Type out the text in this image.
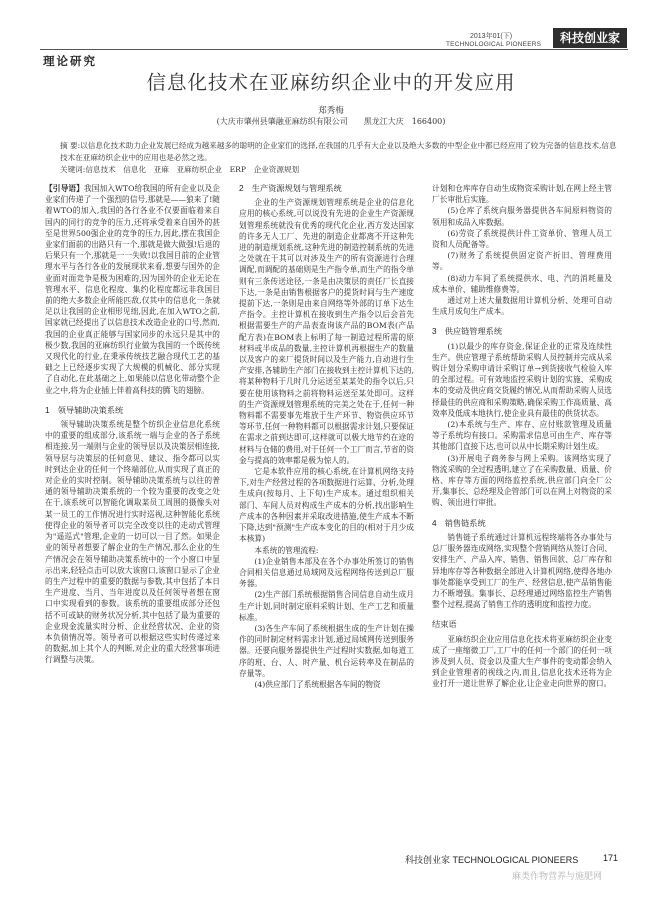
2013年01(下)
TECHNOLOGICAL PIONEERS	科技创业家
理论研究
信息化技术在亚麻纺织企业中的开发应用
郑秀梅
(大庆市肇州县肇融亚麻纺织有限公司　　黑龙江大庆　166400)
摘 要:以信息化技术助力企业发展已经成为越来越多的聪明的企业家们的选择,在我国的几乎有大企业以及绝大多数的中型企业中都已经应用了较为完备的信息技术,信息技术在亚麻纺织企业中的应用也是必然之选。
关键词:信息技术　信息化　亚麻　亚麻纺织企业　ERP　企业资源规划

【引导语】我国加入WTO给我国的所有企业以及企业家们传递了一个强烈的信号,那就是——狼来了!随着WTO的加入,我国的各行各业不仅要面临着来自国内的同行的竞争的压力,还将承受着来自国外的甚至是世界500强企业的竞争的压力,因此,摆在我国企业家们面前的出路只有一个,那就是做大做强!后退的后果只有一个,那就是一一失败!以我国目前的企业管理水平与各行各业的发展现状来看,想要与国外的企业面对面竞争是极为困难的,因为国外的企业无论在管理水平、信息化程度、集约化程度都远非我国目前的绝大多数企业所能匹敌,仅其中的信息化一条就足以让我国的企业相形见绌,因此,在加入WTO之前,国家就已经提出了以信息技术改造企业的口号,然而,我国的企业真正能够与国家同步的永远只是其中的极少数,我国的亚麻纺织行业做为我国的一个既传统又现代化的行业,在秉承传统技艺融合现代工艺的基础之上已经逐步实现了大规模的机械化、部分实现了自动化,在此基础之上,如果能以信息化带动整个企业之中,将为企业插上伴着高科技的腾飞的翅膀。

1　领导辅助决策系统

领导辅助决策系统是整个纺织企业信息化系统中的重要的组成部分,该系统一端与企业的各子系统相连接,另一端则与企业的领导层以及决策层相连接,领导层与决策层的任何意见、建议、指令都可以实时到达企业的任何一个终端部位,从而实现了真正的对企业的实时控制。领导辅助决策系统与以往的普通的领导辅助决策系统的一个较为重要的改变之处在于,该系统可以智能化调取某员工周围的摄像头对某一员工的工作情况进行实时巡视,这种智能化系统使得企业的领导者可以完全改变以往的走动式管理为"遥巡式"管理,企业的一切可以一目了然。如果企业的领导者想要了解企业的生产情况,那么企业的生产情况会在领导辅助决策系统中的一个小窗口中显示出来,轻轻点击可以放大该窗口,该窗口显示了企业的生产过程中的重要的数据与参数,其中包括了本日生产进度、当月、当年进度以及任何领导者想在窗口中实现看到的参数。该系统的重要组成部分还包括不可或缺的财务状况分析,其中包括了最为重要的企业现金流量实时分析、企业经营状况、企业的资本负债情况等。领导者可以根据这些实时传递过来的数据,加上其个人的判断,对企业的重大经营事项进行调整与决策。

2　生产资源规划与管理系统

企业的生产资源规划管理系统是企业的信息化应用的核心系统,可以说没有先进的企业生产资源规划管理系统就没有优秀的现代化企业,西方发达国家的许多无人工厂、先进的制造企业都离不开这种先进的制造规划系统,这种先进的制造控制系统的先进之处就在于其可以对涉及生产的所有资源进行合理调配,而调配的基础则是生产指令单,而生产的指令单则有三条传送途径,一条是由决策层的责任厂长直接下达,一条是由销售根据客户的提货时间与生产速度提前下达,一条则是由来自网络等外部的订单下达生产指令。主控计算机在接收到生产指令以后会首先根据需要生产的产品表查询该产品的BOM表(产品配方表)在BOM表上标明了每一制造过程所需的原材料或半成品的数量,主控计算机再根据生产的数量以及客户的来厂提货时间以及生产能力,自动进行生产安排,各辅助生产部门在接收到主控计算机下达的,将某种物料于几时几分运送至某某处的指令以后,只要在使用该物料之前将物料运送至某处即可。这样的生产资源规划管理系统的完美之处在于,任何一种物料都不需要事先堆放于生产环节、物资供应环节等环节,任何一种物料都可以根据需求计划,只要保证在需求之前到达即可,这样就可以极大地节约在途的材料与仓储的费用,对于任何一个工厂而言,节省的资金与提高的效率都是极为惊人的。

它是本软件应用的核心系统,在计算机网络支持下,对生产经营过程的各项数据进行运算、分析,处理生成向(按每月、上下旬)生产成本。通过组织相关部门、车间人员对构成生产成本的分析,找出影响生产成本的各种因素并采取改进措施,使生产成本不断下降,达到"预测"生产成本变化的目的(相对于月少成本核算)

本系统的管理流程:

(1)企业销售本部及在各个办事处所签订的销售合同相关信息通过局域网及远程网络传送到总厂服务器。

(2)生产部门系统根据销售合同信息自动生成月生产计划,同时制定原料采购计划、生产工艺和质量标准。

(3)各生产车间了系统根据生成的生产计划在操作的同时制定材料需求计划,通过局域网传送到服务器。还要向服务器提供生产过程时实数据,如每道工序的班、台、人、时产量、机台运转率及在制品的存量等。

(4)供应部门了系统根据各车间的物资

计划和仓库库存自动生成物资采购计划,在网上经主管厂长审批后实施。

(5)仓库了系统向服务器提供各车间原料物资的领用和成品入库数据。

(6)劳资了系统提供计件工资单价、管理人员工资和人员配备等。

(7)财务了系统提供固定资产折旧、管理费用等。

(8)动力车间了系统提供水、电、汽的消耗量及成本单价、辅助维修费等。

通过对上述大量数据用计算机分析、处理可自动生成月成旬生产成本。

3　供应链管理系统

(1)以最少的库存资金,保证企业的正常及连续性生产。供应管理子系统帮助采购人员控制并完成从采购计划分采购申请计采购订单→到货接收气检验入库的全部过程。可有效地监控采购计划的实施、采购成本的变动及供应商交货履约情况,从而帮助采购人员选择最佳的供应商和采购策略,确保采购工作高质量、高效率及低成本地执行,使企业具有最佳的供货状态。

(2)本系统与生产、库存、应付账款管理及质量等子系统均有接口。采购需求信息可由生产、库存等其他部门直接下达,也可以从中长期采购计划生成。

(3)开展电子商务参与网上采购。该网络实现了物流采购的全过程透明,建立了在采购数量、质量、价格、库存等方面的网络监控系统,供应部门向全厂公开,集事长、总经理及企管部门可以在网上对物资的采购、领出进行审批。

4　销售链系统

销售链子系统通过计算机远程终端将各办事处与总厂服务器连成网络,实现整个营销网络从签订合同、安排生产、产品入库、销售、销售回款、总厂库存和异地库存等各种数据全部进入计算机网络,使得各地办事处都能享受到工厂的生产、经营信息,使产品销售能力不断增强。集事长、总经理通过网络监控生产销售整个过程,提高了销售工作的透明度和监控力度。

结束语

亚麻纺织企业应用信息化技术将亚麻纺织企业变成了一座缩微工厂,工厂中的任何一个部门的任何一项涉及到人员、资金以及重大生产事件的变动都会纳入到企业管理者的视线之内,而且,信息化技术还将为企业打开一道让世界了解企业,让企业走向世界的窗口。

科技创业家 TECHNOLOGICAL PIONEERS	171
麻类作物营养与施肥网
